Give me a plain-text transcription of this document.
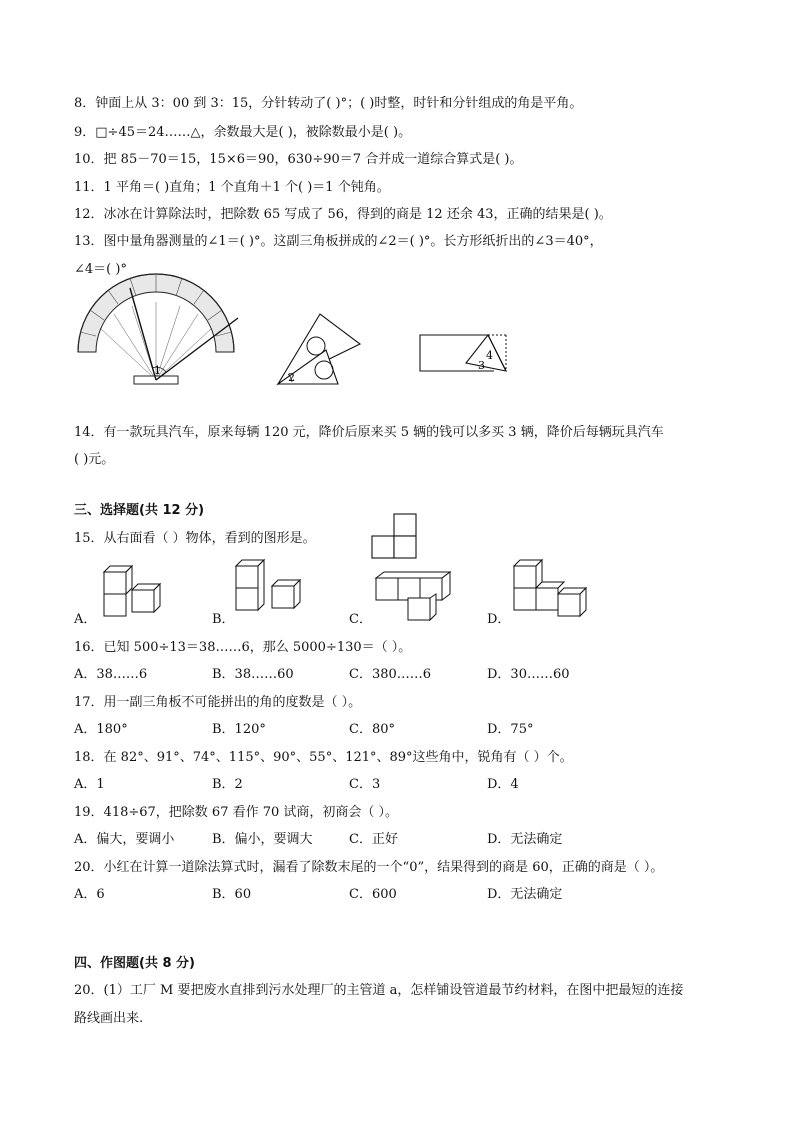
8．钟面上从 3：00 到 3：15，分针转动了( )°；( )时整，时针和分针组成的角是平角。
9．□÷45＝24……△，余数最大是( )，被除数最小是( )。
10．把 85－70＝15，15×6＝90，630÷90＝7 合并成一道综合算式是( )。
11．1 平角＝( )直角；1 个直角＋1 个( )＝1 个钝角。
12．冰冰在计算除法时，把除数 65 写成了 56，得到的商是 12 还余 43，正确的结果是( )。
13．图中量角器测量的∠1＝( )°。这副三角板拼成的∠2＝( )°。长方形纸折出的∠3＝40°，
∠4＝( )°
1
2
4
3
14．有一款玩具汽车，原来每辆 120 元，降价后原来买 5 辆的钱可以多买 3 辆，降价后每辆玩具汽车
( )元。
三、选择题(共 12 分)
15．从右面看（ ）物体，看到的图形是。
A．	B．	C．	D．
16．已知 500÷13＝38……6，那么 5000÷130＝（ ）。
A．38……6	B．38……60	C．380……6	D．30……60
17．用一副三角板不可能拼出的角的度数是（ ）。
A．180°	B．120°	C．80°	D．75°
18．在 82°、91°、74°、115°、90°、55°、121°、89°这些角中，锐角有（ ）个。
A．1	B．2	C．3	D．4
19．418÷67，把除数 67 看作 70 试商，初商会（ ）。
A．偏大，要调小	B．偏小，要调大	C．正好	D．无法确定
20．小红在计算一道除法算式时，漏看了除数末尾的一个“0”，结果得到的商是 60，正确的商是（ ）。
A．6	B．60	C．600	D．无法确定
四、作图题(共 8 分)
20．(1）工厂 M 要把废水直排到污水处理厂的主管道 a，怎样铺设管道最节约材料，在图中把最短的连接
路线画出来.
